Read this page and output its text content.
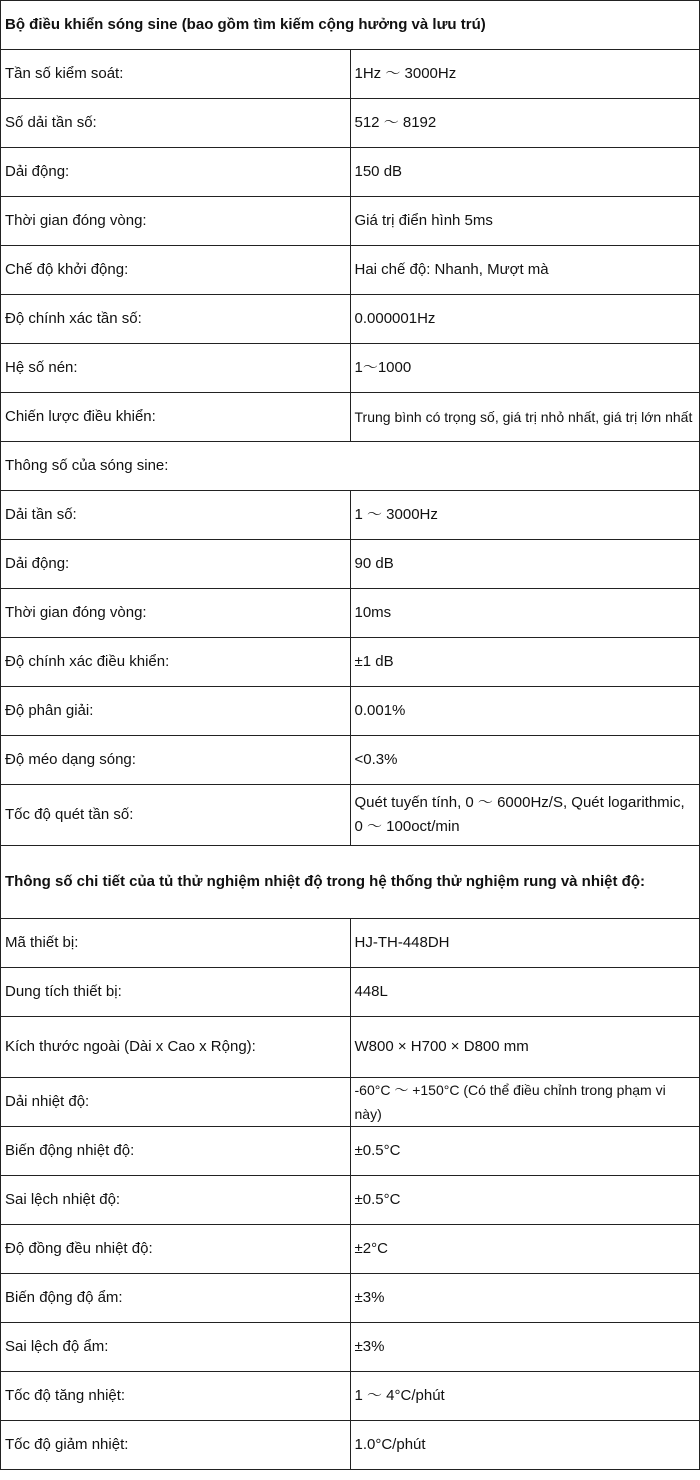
Bộ điều khiển sóng sine (bao gồm tìm kiếm cộng hưởng và lưu trú)	
Tần số kiểm soát:	1Hz ～ 3000Hz
Số dải tần số:	512 ～ 8192
Dải động:	150 dB
Thời gian đóng vòng:	Giá trị điển hình 5ms
Chế độ khởi động:	Hai chế độ: Nhanh, Mượt mà
Độ chính xác tần số:	0.000001Hz
Hệ số nén:	1～1000
Chiến lược điều khiển:	Trung bình có trọng số, giá trị nhỏ nhất, giá trị lớn nhất
Thông số của sóng sine:	
Dải tần số:	1 ～ 3000Hz
Dải động:	90 dB
Thời gian đóng vòng:	10ms
Độ chính xác điều khiển:	±1 dB
Độ phân giải:	0.001%
Độ méo dạng sóng:	<0.3%
Tốc độ quét tần số:	Quét tuyến tính, 0 ～ 6000Hz/S, Quét logarithmic, 0 ～ 100oct/min
Thông số chi tiết của tủ thử nghiệm nhiệt độ trong hệ thống thử nghiệm rung và nhiệt độ:	
Mã thiết bị:	HJ-TH-448DH
Dung tích thiết bị:	448L
Kích thước ngoài (Dài x Cao x Rộng):	W800 × H700 × D800 mm
Dải nhiệt độ:	-60°C ～ +150°C (Có thể điều chỉnh trong phạm vi này)
Biến động nhiệt độ:	±0.5°C
Sai lệch nhiệt độ:	±0.5°C
Độ đồng đều nhiệt độ:	±2°C
Biến động độ ẩm:	±3%
Sai lệch độ ẩm:	±3%
Tốc độ tăng nhiệt:	1 ～ 4°C/phút
Tốc độ giảm nhiệt:	1.0°C/phút
